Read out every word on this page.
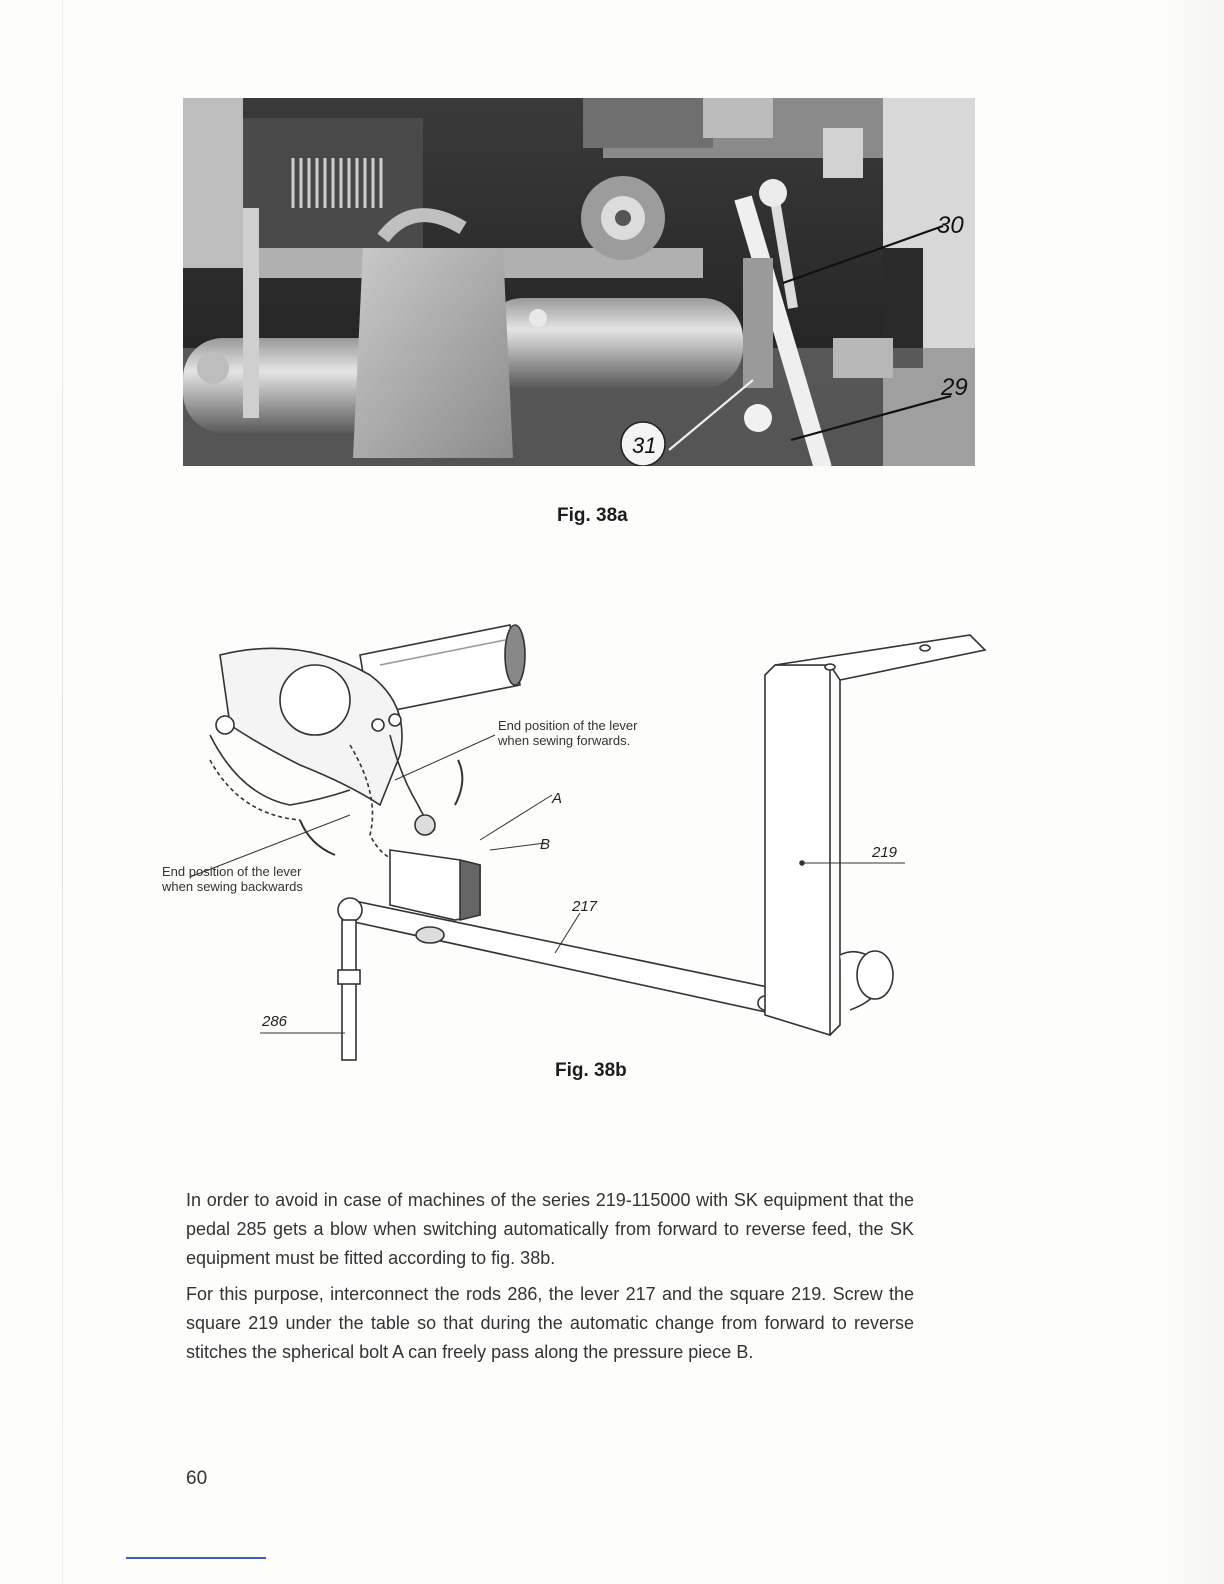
30
29
31
Fig. 38a
End position of the lever
when sewing forwards.
End position of the lever
when sewing backwards
A
B
217
219
286
Fig. 38b

In order to avoid in case of machines of the series 219-115000 with SK equipment that the pedal 285 gets a blow when switching automatically from forward to reverse feed, the SK equipment must be fitted according to fig. 38b.

For this purpose, interconnect the rods 286, the lever 217 and the square 219. Screw the square 219 under the table so that during the automatic change from forward to reverse stitches the spherical bolt A can freely pass along the pressure piece B.

60
